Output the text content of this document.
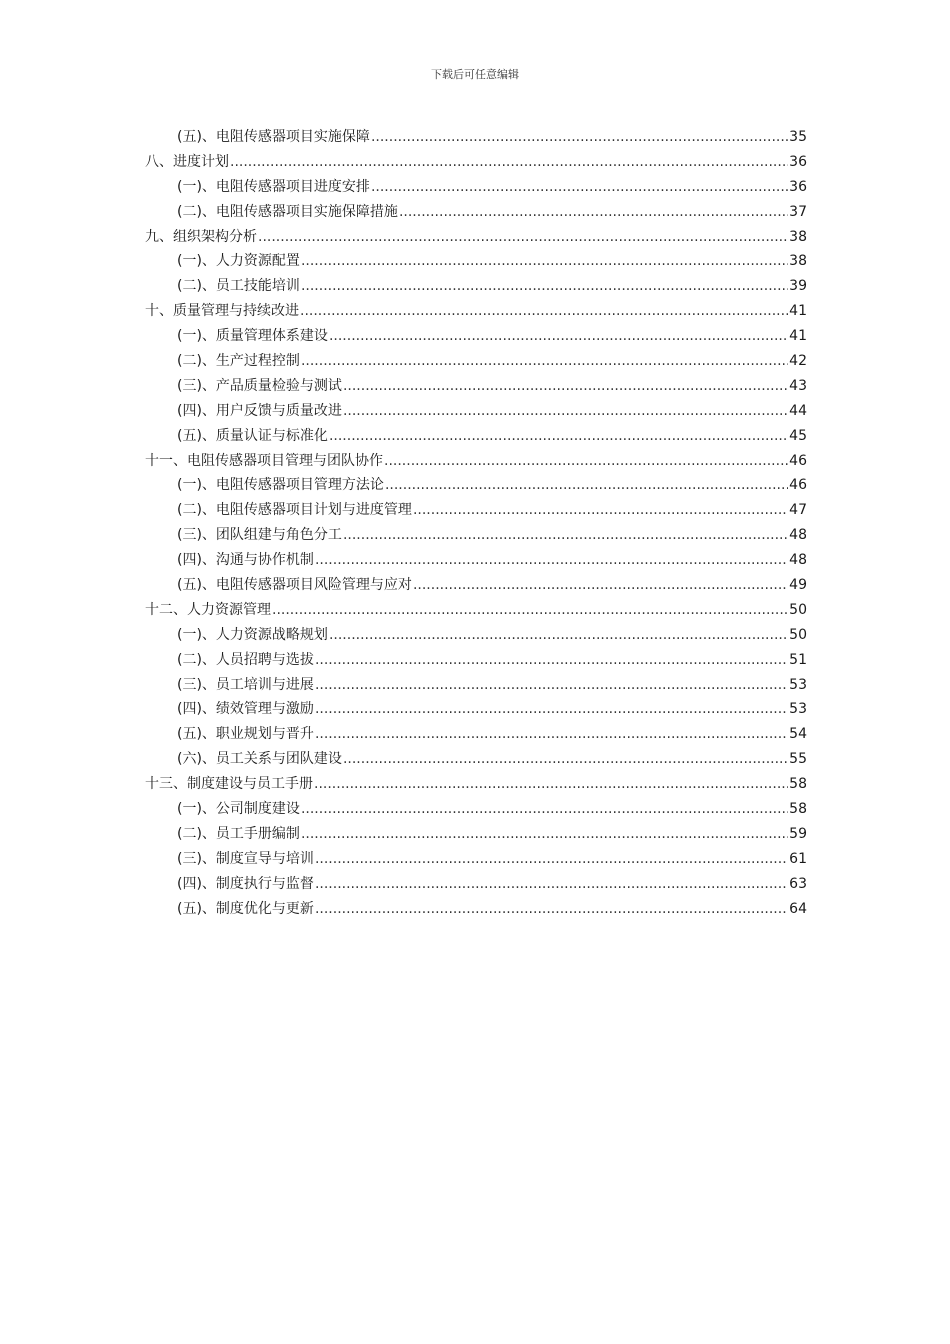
下载后可任意编辑
(五)、电阻传感器项目实施保障 .....	35
八、进度计划 .....	36
(一)、电阻传感器项目进度安排 .....	36
(二)、电阻传感器项目实施保障措施 .....	37
九、组织架构分析 .....	38
(一)、人力资源配置 .....	38
(二)、员工技能培训 .....	39
十、质量管理与持续改进 .....	41
(一)、质量管理体系建设 .....	41
(二)、生产过程控制 .....	42
(三)、产品质量检验与测试 .....	43
(四)、用户反馈与质量改进 .....	44
(五)、质量认证与标准化 .....	45
十一、电阻传感器项目管理与团队协作 .....	46
(一)、电阻传感器项目管理方法论 .....	46
(二)、电阻传感器项目计划与进度管理 .....	47
(三)、团队组建与角色分工 .....	48
(四)、沟通与协作机制 .....	48
(五)、电阻传感器项目风险管理与应对 .....	49
十二、人力资源管理 .....	50
(一)、人力资源战略规划 .....	50
(二)、人员招聘与选拔 .....	51
(三)、员工培训与进展 .....	53
(四)、绩效管理与激励 .....	53
(五)、职业规划与晋升 .....	54
(六)、员工关系与团队建设 .....	55
十三、制度建设与员工手册 .....	58
(一)、公司制度建设 .....	58
(二)、员工手册编制 .....	59
(三)、制度宣导与培训 .....	61
(四)、制度执行与监督 .....	63
(五)、制度优化与更新 .....	64
